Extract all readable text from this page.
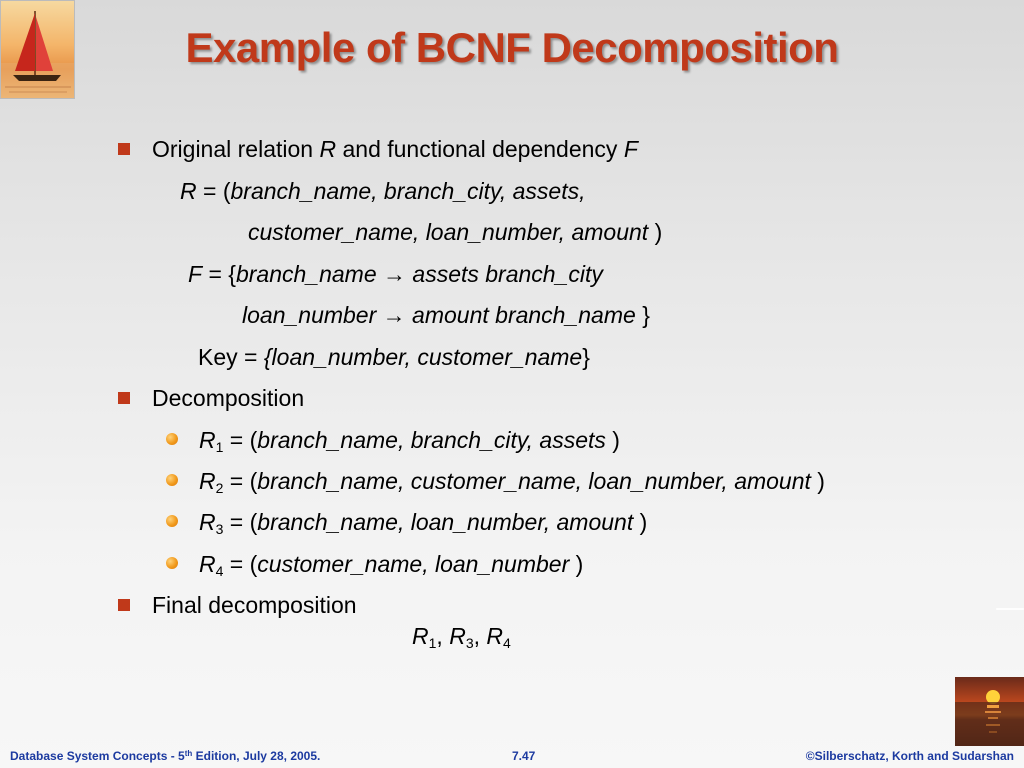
Example of BCNF Decomposition
Original relation R and functional dependency F
R = (branch_name, branch_city, assets,
customer_name, loan_number, amount )
F = {branch_name → assets branch_city
loan_number → amount branch_name }
Key = {loan_number, customer_name}
Decomposition
$R_1$ = (branch_name, branch_city, assets )
$R_2$ = (branch_name, customer_name, loan_number, amount )
$R_3$ = (branch_name, loan_number, amount )
$R_4$ = (customer_name, loan_number )
Final decomposition
$R_1$, $R_3$, $R_4$
Database System Concepts - 5th Edition, July 28, 2005.	7.47	©Silberschatz, Korth and Sudarshan
